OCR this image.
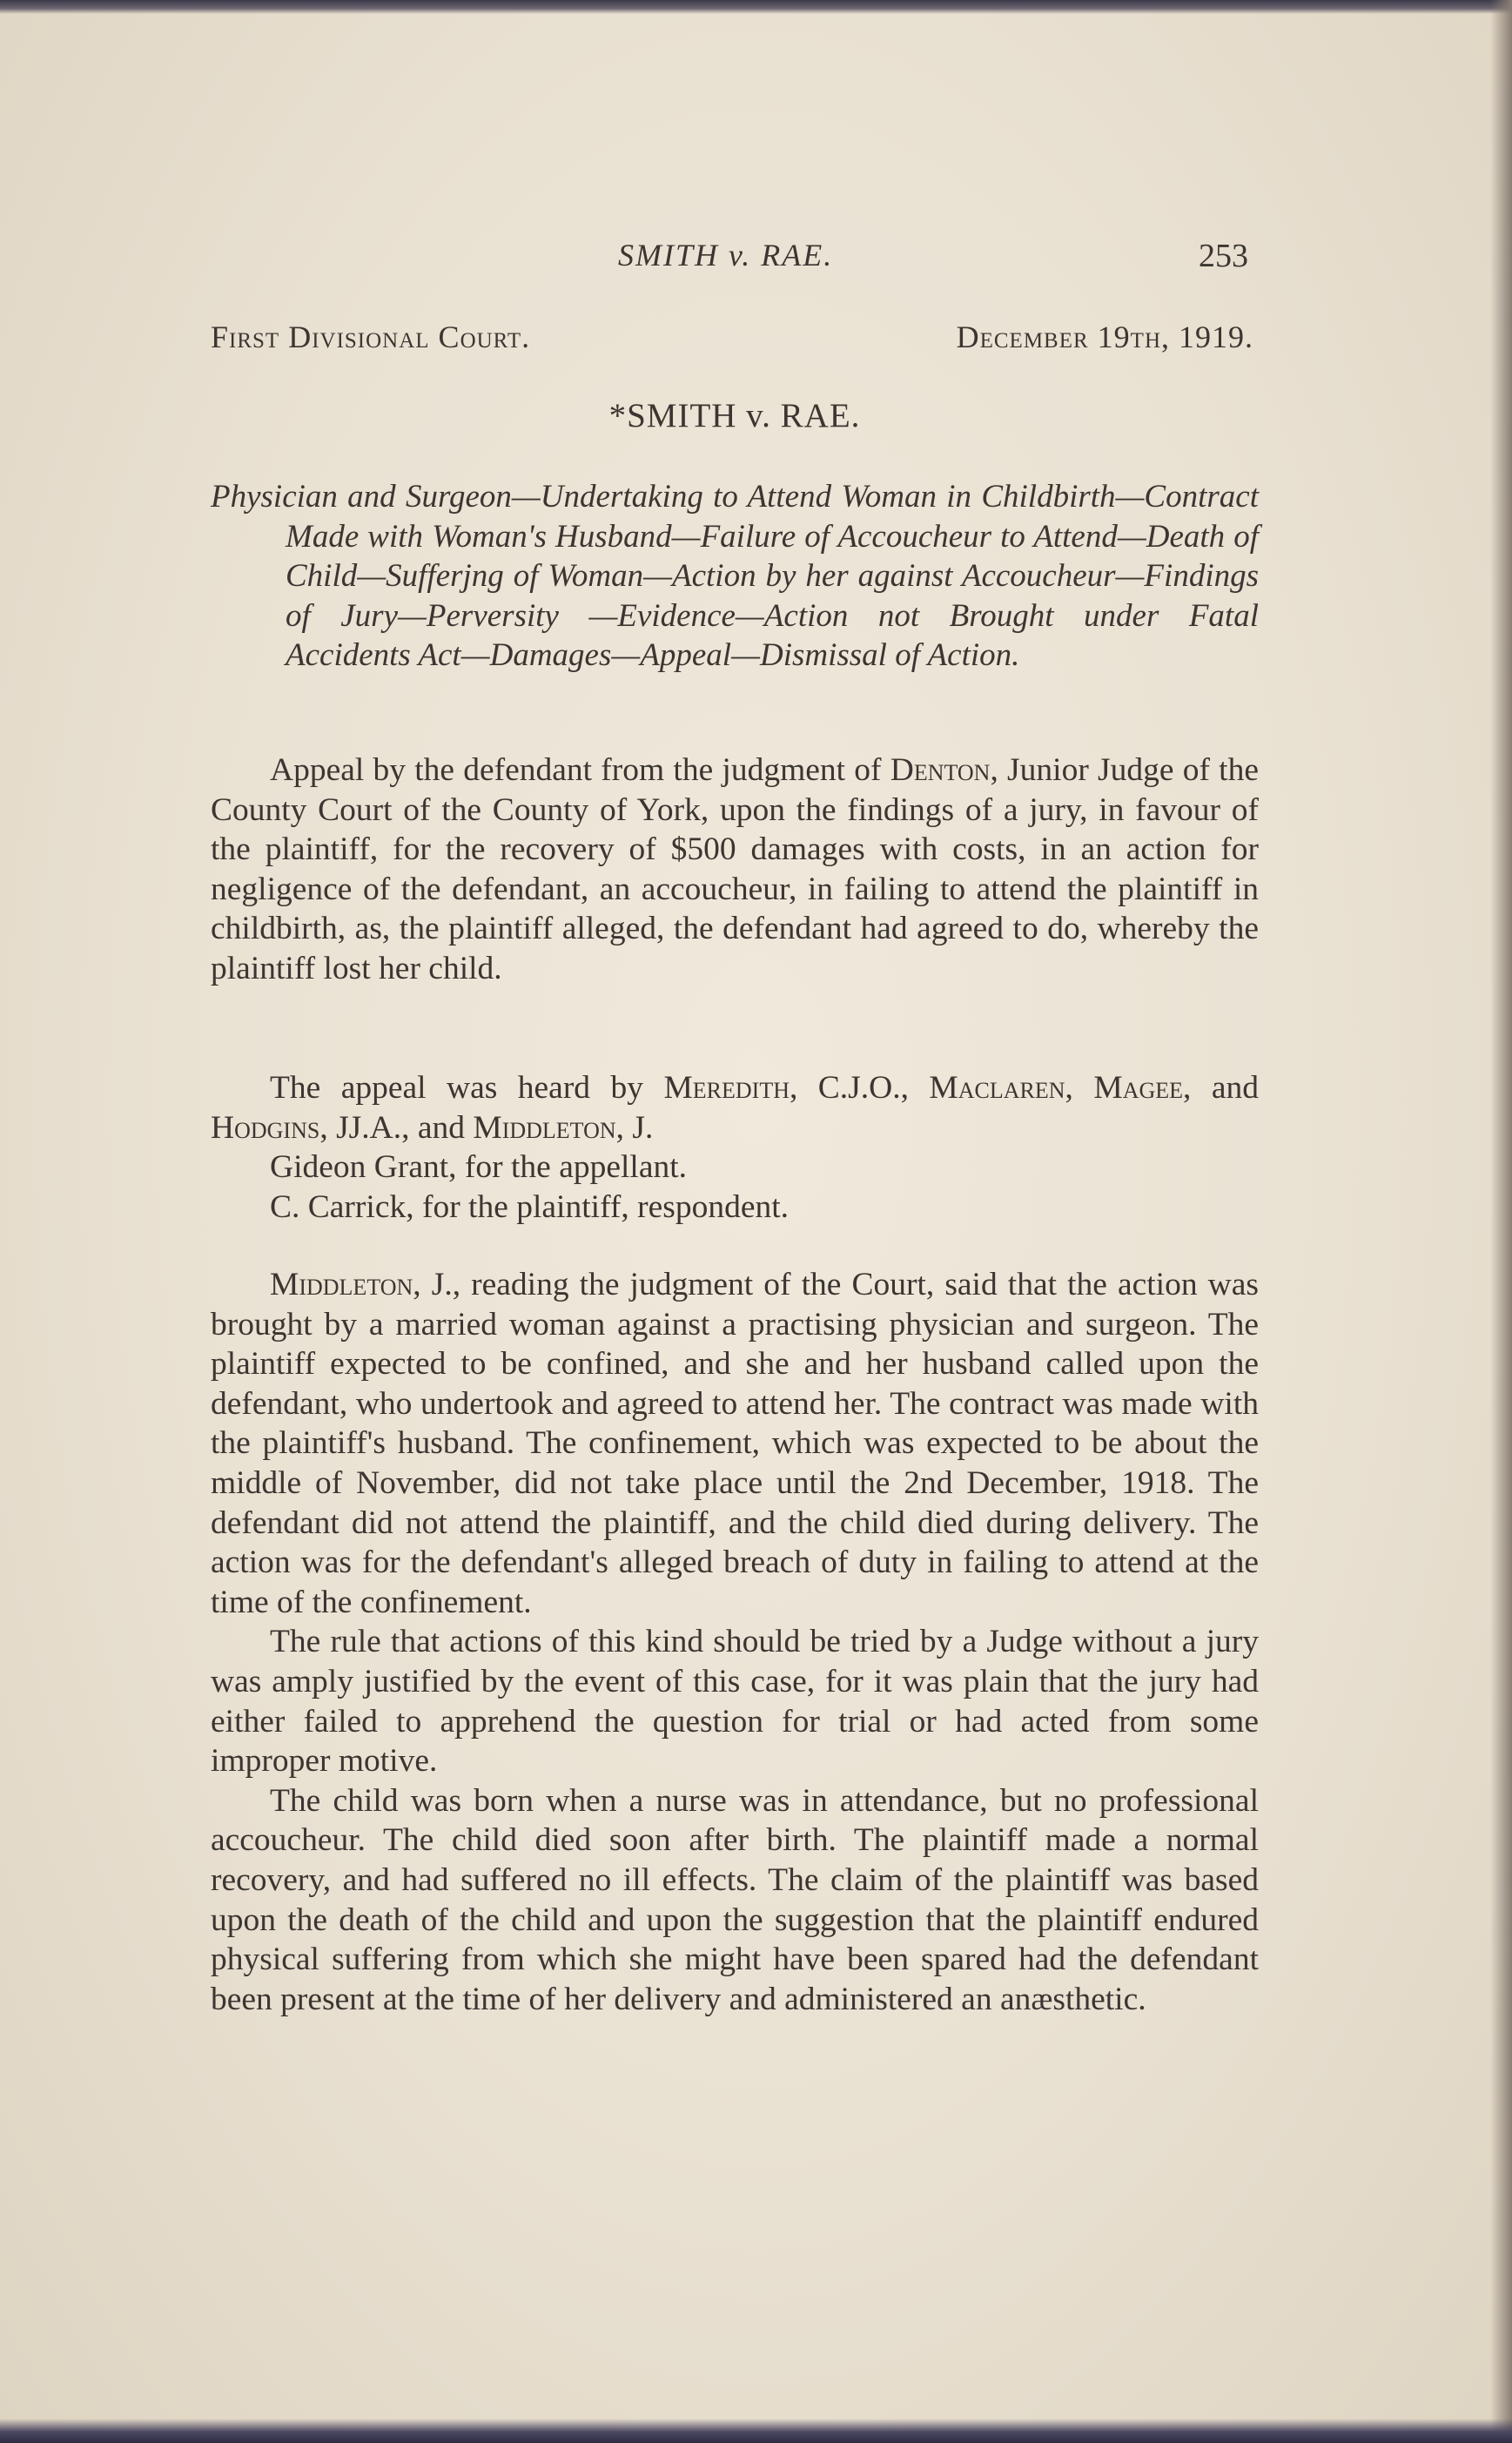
SMITH v. RAE.	253
First Divisional Court.	December 19th, 1919.
*SMITH v. RAE.
Physician and Surgeon—Undertaking to Attend Woman in Childbirth—Contract Made with Woman's Husband—Failure of Accoucheur to Attend—Death of Child—Sufferjng of Woman—Action by her against Accoucheur—Findings of Jury—Perversity —Evidence—Action not Brought under Fatal Accidents Act—Damages—Appeal—Dismissal of Action.

Appeal by the defendant from the judgment of Denton, Junior Judge of the County Court of the County of York, upon the findings of a jury, in favour of the plaintiff, for the recovery of $500 damages with costs, in an action for negligence of the defendant, an accoucheur, in failing to attend the plaintiff in childbirth, as, the plaintiff alleged, the defendant had agreed to do, whereby the plaintiff lost her child.

The appeal was heard by Meredith, C.J.O., Maclaren, Magee, and Hodgins, JJ.A., and Middleton, J.

Gideon Grant, for the appellant.

C. Carrick, for the plaintiff, respondent.

Middleton, J., reading the judgment of the Court, said that the action was brought by a married woman against a practising physician and surgeon. The plaintiff expected to be confined, and she and her husband called upon the defendant, who undertook and agreed to attend her. The contract was made with the plaintiff's husband. The confinement, which was expected to be about the middle of November, did not take place until the 2nd December, 1918. The defendant did not attend the plaintiff, and the child died during delivery. The action was for the defendant's alleged breach of duty in failing to attend at the time of the confinement.

The rule that actions of this kind should be tried by a Judge without a jury was amply justified by the event of this case, for it was plain that the jury had either failed to apprehend the question for trial or had acted from some improper motive.

The child was born when a nurse was in attendance, but no professional accoucheur. The child died soon after birth. The plaintiff made a normal recovery, and had suffered no ill effects. The claim of the plaintiff was based upon the death of the child and upon the suggestion that the plaintiff endured physical suffering from which she might have been spared had the defendant been present at the time of her delivery and administered an anæsthetic.
